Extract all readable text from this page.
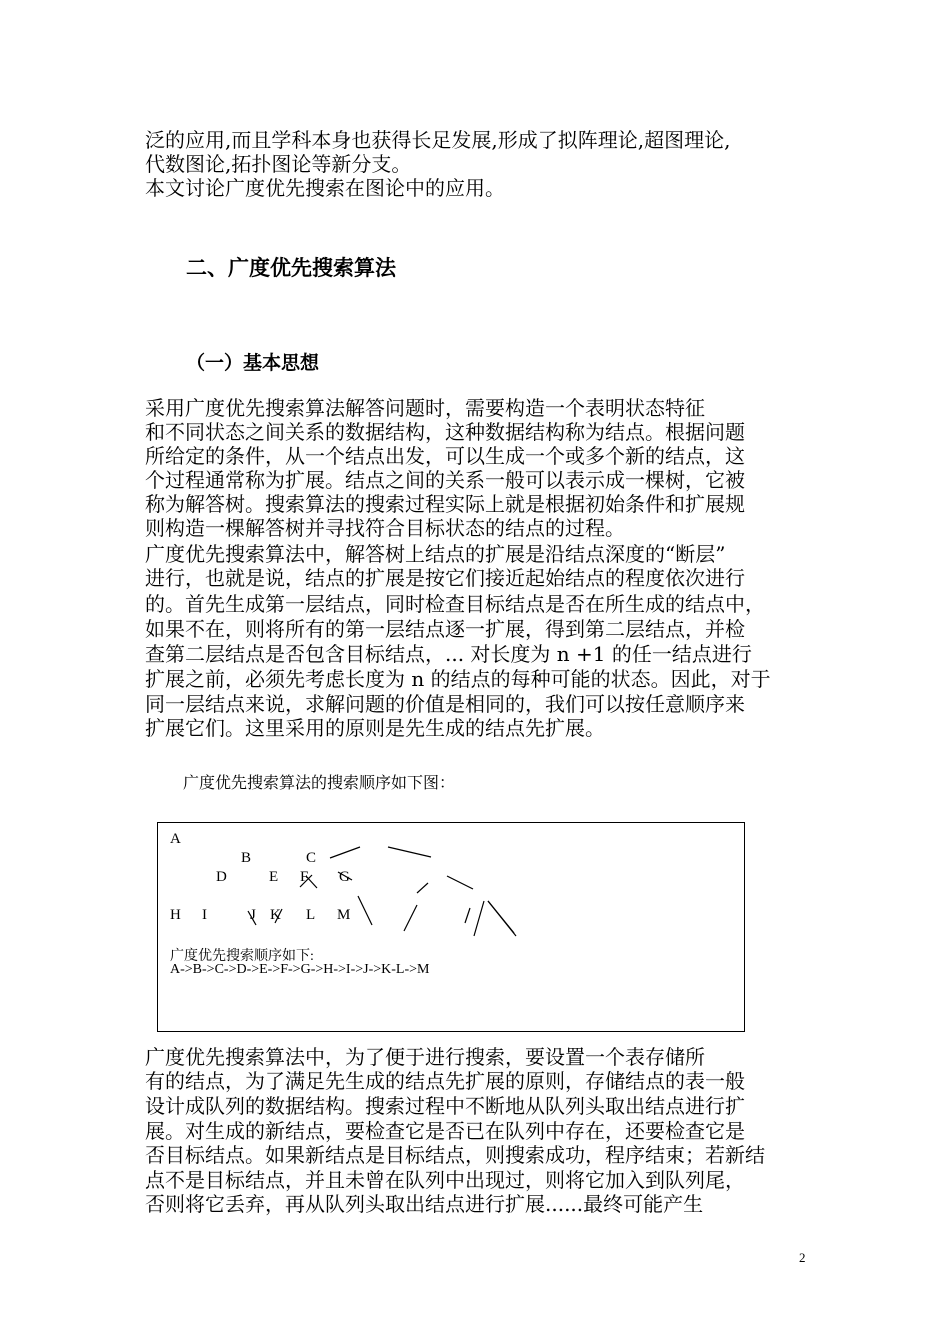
泛的应用,而且学科本身也获得长足发展,形成了拟阵理论,超图理论,
代数图论,拓扑图论等新分支。
本文讨论广度优先搜索在图论中的应用。
二、广度优先搜索算法
（一）基本思想
采用广度优先搜索算法解答问题时，需要构造一个表明状态特征
和不同状态之间关系的数据结构，这种数据结构称为结点。根据问题
所给定的条件，从一个结点出发，可以生成一个或多个新的结点，这
个过程通常称为扩展。结点之间的关系一般可以表示成一棵树，它被
称为解答树。搜索算法的搜索过程实际上就是根据初始条件和扩展规
则构造一棵解答树并寻找符合目标状态的结点的过程。
广度优先搜索算法中，解答树上结点的扩展是沿结点深度的“断层”
进行，也就是说，结点的扩展是按它们接近起始结点的程度依次进行
的。首先生成第一层结点，同时检查目标结点是否在所生成的结点中，
如果不在，则将所有的第一层结点逐一扩展，得到第二层结点，并检
查第二层结点是否包含目标结点，... 对长度为 n +1 的任一结点进行
扩展之前，必须先考虑长度为 n 的结点的每种可能的状态。因此，对于
同一层结点来说，求解问题的价值是相同的，我们可以按任意顺序来
扩展它们。这里采用的原则是先生成的结点先扩展。
广度优先搜索算法的搜索顺序如下图：
A
B	C
D	E F G
H I	J K L M
广度优先搜索顺序如下:
A->B->C->D->E->F->G->H->I->J->K-L->M
广度优先搜索算法中，为了便于进行搜索，要设置一个表存储所
有的结点，为了满足先生成的结点先扩展的原则，存储结点的表一般
设计成队列的数据结构。搜索过程中不断地从队列头取出结点进行扩
展。对生成的新结点，要检查它是否已在队列中存在，还要检查它是
否目标结点。如果新结点是目标结点，则搜索成功，程序结束；若新结
点不是目标结点，并且未曾在队列中出现过，则将它加入到队列尾，
否则将它丢弃，再从队列头取出结点进行扩展......最终可能产生
2
